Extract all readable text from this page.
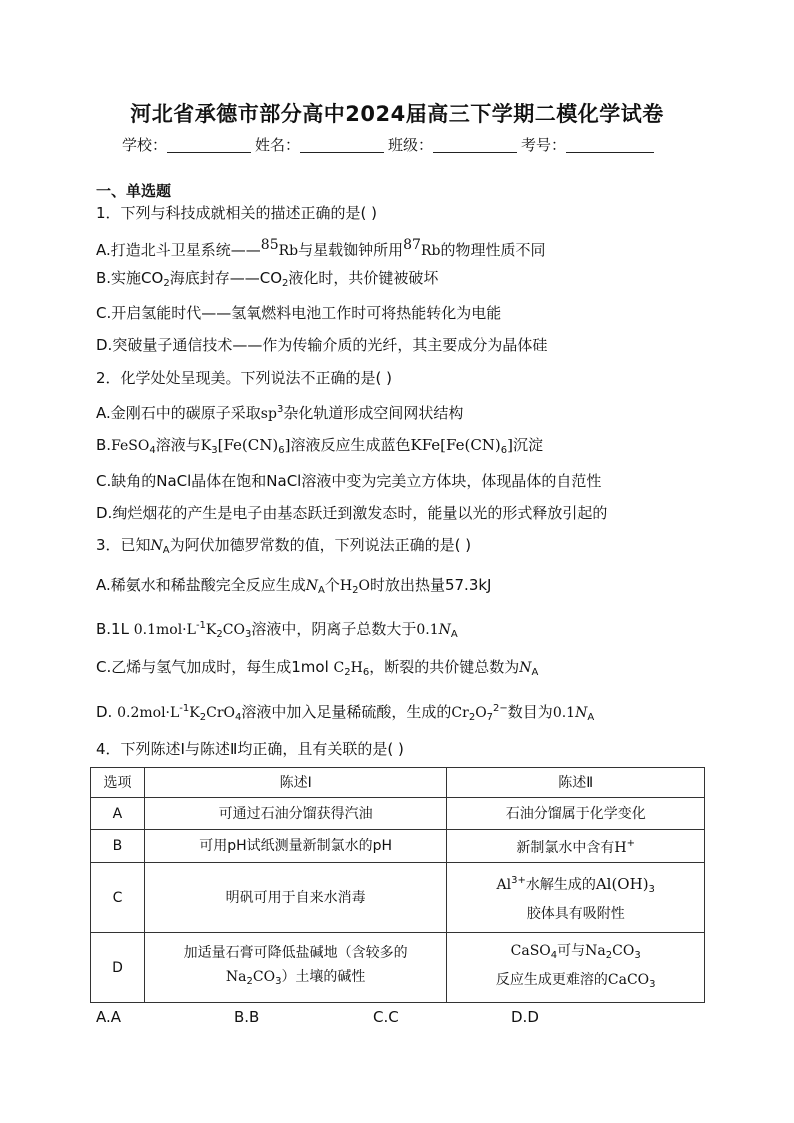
河北省承德市部分高中2024届高三下学期二模化学试卷
学校：	姓名：	班级：	考号：
一、单选题
1．下列与科技成就相关的描述正确的是( )
A.打造北斗卫星系统——$^{85}$Rb与星载铷钟所用$^{87}$Rb的物理性质不同
B.实施$CO_2$海底封存$——CO_2$液化时，共价键被破坏
C.开启氢能时代——氢氧燃料电池工作时可将热能转化为电能
D.突破量子通信技术——作为传输介质的光纤，其主要成分为晶体硅
2．化学处处呈现美。下列说法不正确的是( )
A.金刚石中的碳原子采取$sp^3$杂化轨道形成空间网状结构
B.FeSO$_4$溶液与$K_3[Fe(CN)_6]$溶液反应生成蓝色$KFe[Fe(CN)_6]$沉淀
C.缺角的NaCl晶体在饱和NaCl溶液中变为完美立方体块，体现晶体的自范性
D.绚烂烟花的产生是电子由基态跃迁到激发态时，能量以光的形式释放引起的
3．已知$N_A$为阿伏加德罗常数的值，下列说法正确的是( )
A.稀氨水和稀盐酸完全反应生成$N_A$个$H_2O$时放出热量57.3kJ
B.1L $0.1mol\cdot L^{-1}K_2CO_3$溶液中，阴离子总数大于$0.1N_A$
C.乙烯与氢气加成时，每生成1mol $C_2H_6$，断裂的共价键总数为$N_A$
D. $0.2mol\cdot L^{-1}K_2CrO_4$溶液中加入足量稀硫酸，生成的$Cr_2O_7^{2-}$数目为$0.1N_A$
4．下列陈述Ⅰ与陈述Ⅱ均正确，且有关联的是( )
选项	陈述Ⅰ	陈述Ⅱ
A	可通过石油分馏获得汽油	石油分馏属于化学变化
B	可用pH试纸测量新制氯水的pH	新制氯水中含有H+
C	明矾可用于自来水消毒	$Al^{3+}$水解生成的$Al(OH)_3$
胶体具有吸附性
D	加适量石膏可降低盐碱地（含较多的
$Na_2CO_3$）土壤的碱性	CaSO$_4$可与$Na_2CO_3$
反应生成更难溶的CaCO$_3$
A.A	B.B	C.C	D.D
